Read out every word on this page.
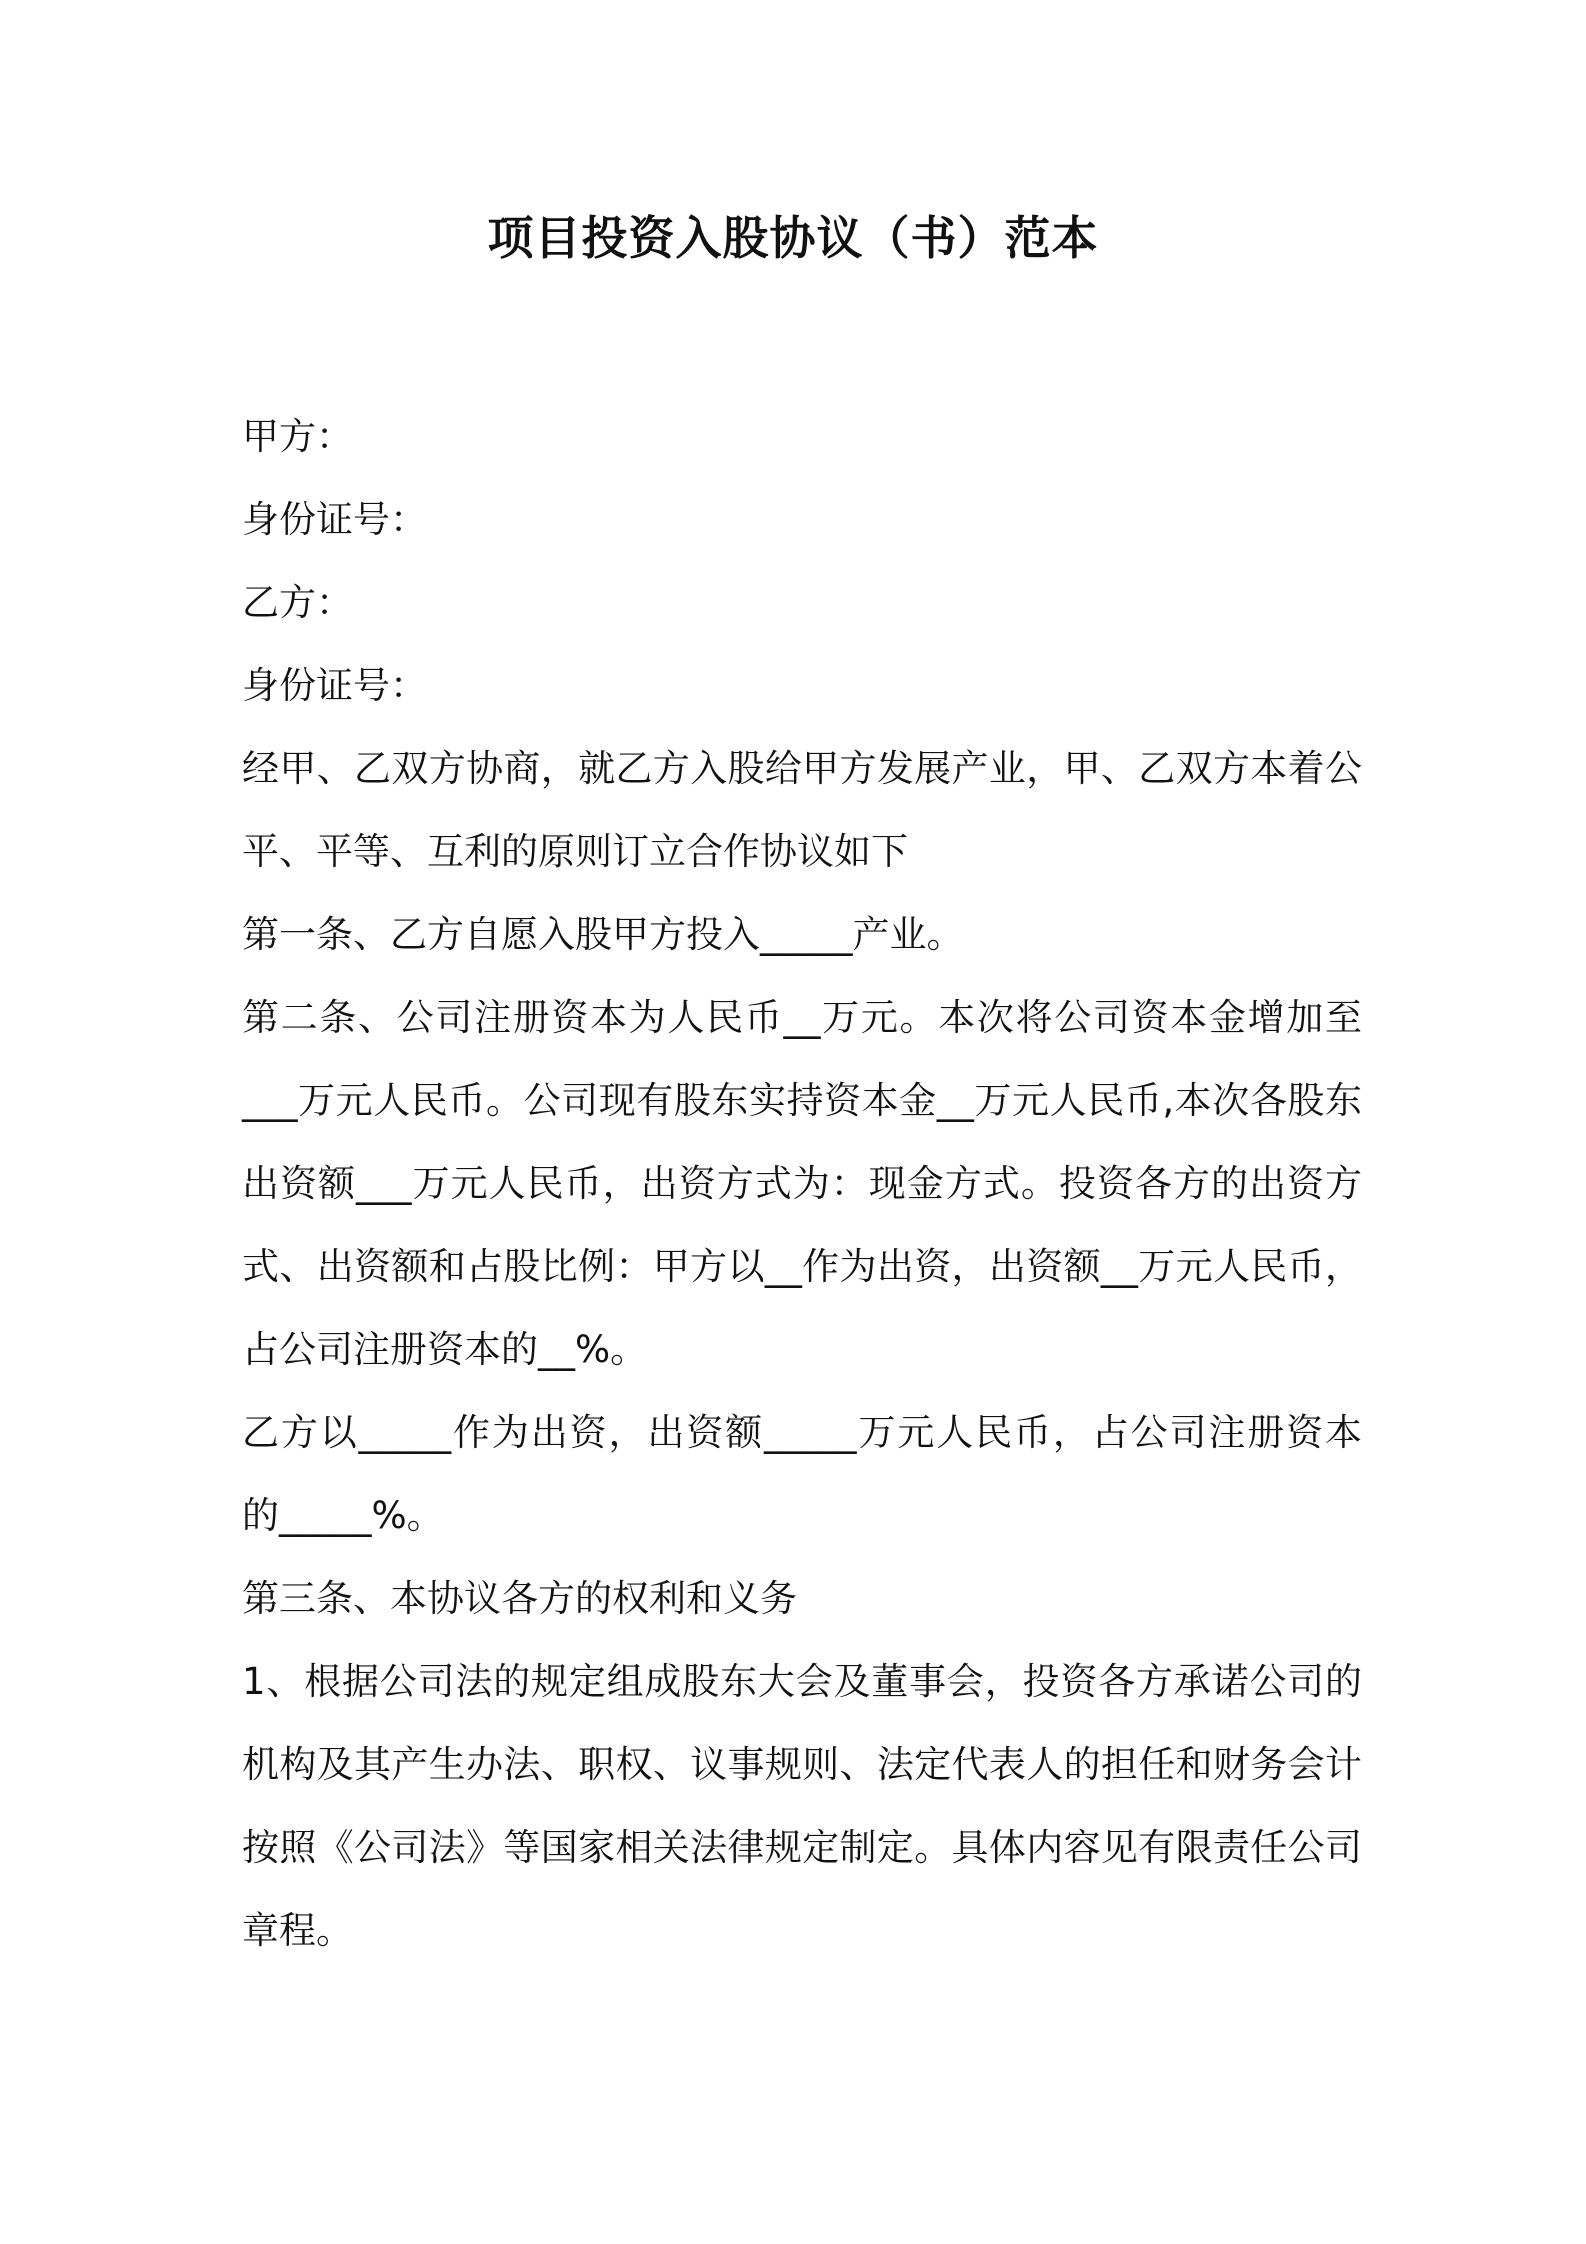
项目投资入股协议（书）范本

甲方：

身份证号：

乙方：

身份证号：

经甲、乙双方协商，就乙方入股给甲方发展产业，甲、乙双方本着公

平、平等、互利的原则订立合作协议如下

第一条、乙方自愿入股甲方投入_____产业。

第二条、公司注册资本为人民币__万元。本次将公司资本金增加至

___万元人民币。公司现有股东实持资本金__万元人民币,本次各股东

出资额___万元人民币，出资方式为：现金方式。投资各方的出资方

式、出资额和占股比例：甲方以__作为出资，出资额__万元人民币，

占公司注册资本的__%。

乙方以_____作为出资，出资额_____万元人民币，占公司注册资本

的_____%。

第三条、本协议各方的权利和义务

1、根据公司法的规定组成股东大会及董事会，投资各方承诺公司的

机构及其产生办法、职权、议事规则、法定代表人的担任和财务会计

按照《公司法》等国家相关法律规定制定。具体内容见有限责任公司

章程。
